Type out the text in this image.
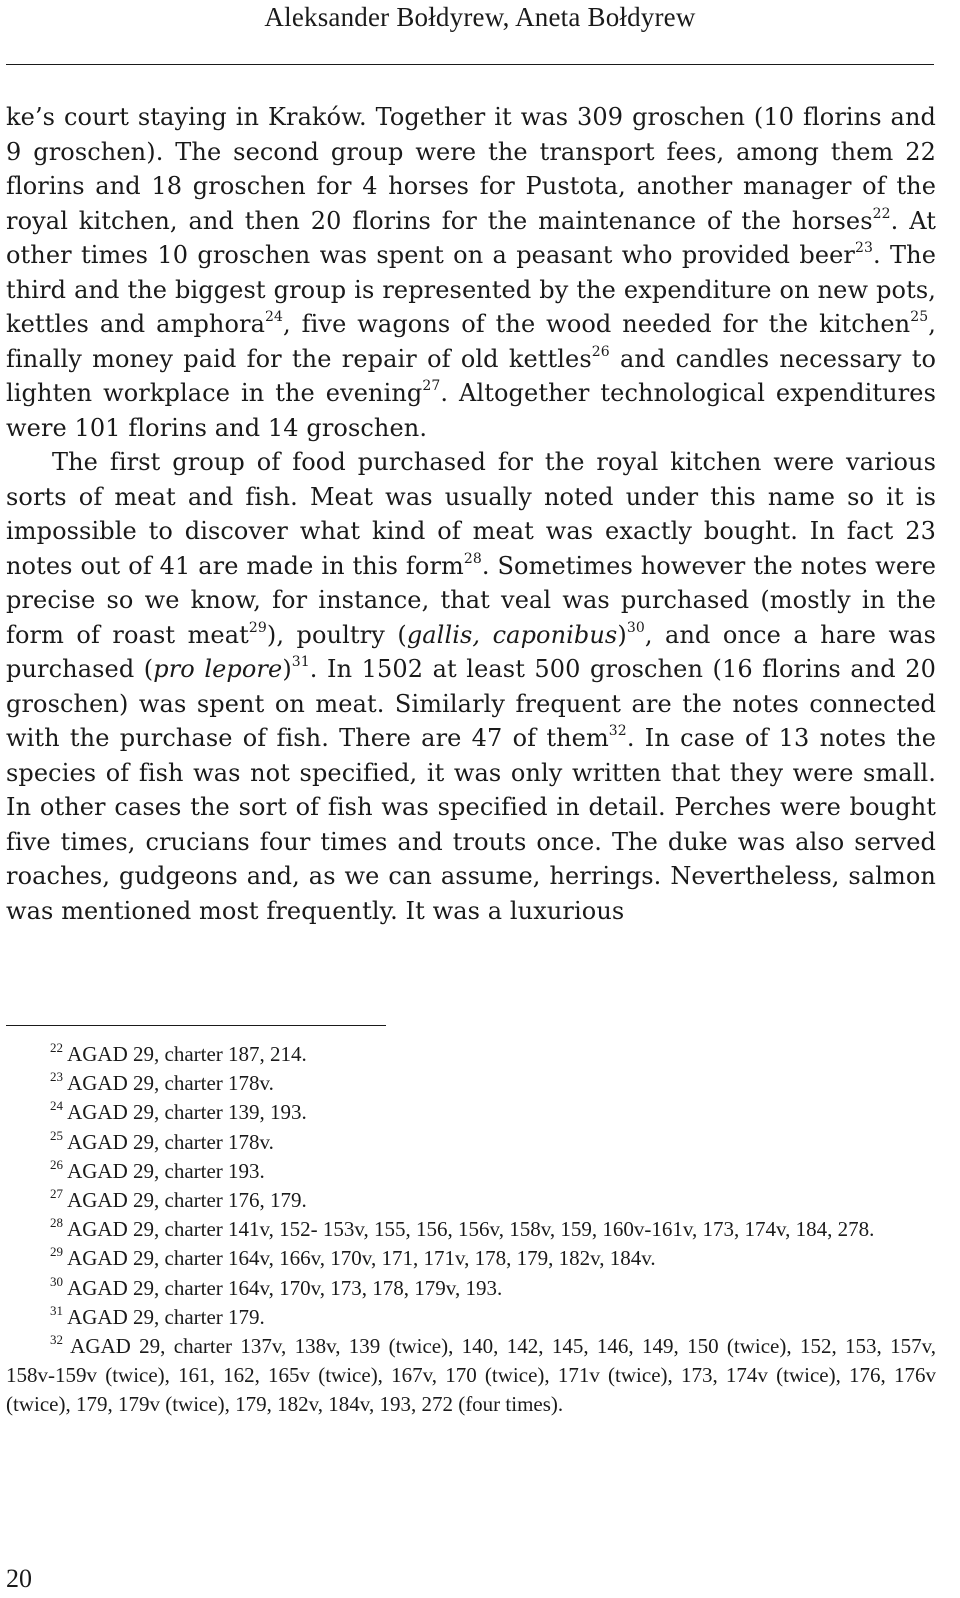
Aleksander Bołdyrew, Aneta Bołdyrew

ke’s court staying in Kraków. Together it was 309 groschen (10 florins and 9 groschen). The second group were the transport fees, among them 22 florins and 18 groschen for 4 horses for Pustota, another manager of the royal kitchen, and then 20 florins for the maintenance of the horses$^{22}$. At other times 10 groschen was spent on a peasant who provided beer$^{23}$. The third and the biggest group is represented by the expenditure on new pots, kettles and amphora$^{24}$, five wagons of the wood needed for the kitchen$^{25}$, finally money paid for the repair of old kettles$^{26}$ and candles necessary to lighten workplace in the evening$^{27}$. Altogether technological expenditures were 101 florins and 14 groschen.

The first group of food purchased for the royal kitchen were various sorts of meat and fish. Meat was usually noted under this name so it is impossible to discover what kind of meat was exactly bought. In fact 23 notes out of 41 are made in this form$^{28}$. Sometimes however the notes were precise so we know, for instance, that veal was purchased (mostly in the form of roast meat$^{29}$), poultry (gallis, caponibus)$^{30}$, and once a hare was purchased (pro lepore)$^{31}$. In 1502 at least 500 groschen (16 florins and 20 groschen) was spent on meat. Similarly frequent are the notes connected with the purchase of fish. There are 47 of them$^{32}$. In case of 13 notes the species of fish was not specified, it was only written that they were small. In other cases the sort of fish was specified in detail. Perches were bought five times, crucians four times and trouts once. The duke was also served roaches, gudgeons and, as we can assume, herrings. Nevertheless, salmon was mentioned most frequently. It was a luxurious

$^{22}$ AGAD 29, charter 187, 214.

$^{23}$ AGAD 29, charter 178v.

$^{24}$ AGAD 29, charter 139, 193.

$^{25}$ AGAD 29, charter 178v.

$^{26}$ AGAD 29, charter 193.

$^{27}$ AGAD 29, charter 176, 179.

$^{28}$ AGAD 29, charter 141v, 152- 153v, 155, 156, 156v, 158v, 159, 160v-161v, 173, 174v, 184, 278.

$^{29}$ AGAD 29, charter 164v, 166v, 170v, 171, 171v, 178, 179, 182v, 184v.

$^{30}$ AGAD 29, charter 164v, 170v, 173, 178, 179v, 193.

$^{31}$ AGAD 29, charter 179.

$^{32}$ AGAD 29, charter 137v, 138v, 139 (twice), 140, 142, 145, 146, 149, 150 (twice), 152, 153, 157v, 158v-159v (twice), 161, 162, 165v (twice), 167v, 170 (twice), 171v (twice), 173, 174v (twice), 176, 176v (twice), 179, 179v (twice), 179, 182v, 184v, 193, 272 (four times).

20
